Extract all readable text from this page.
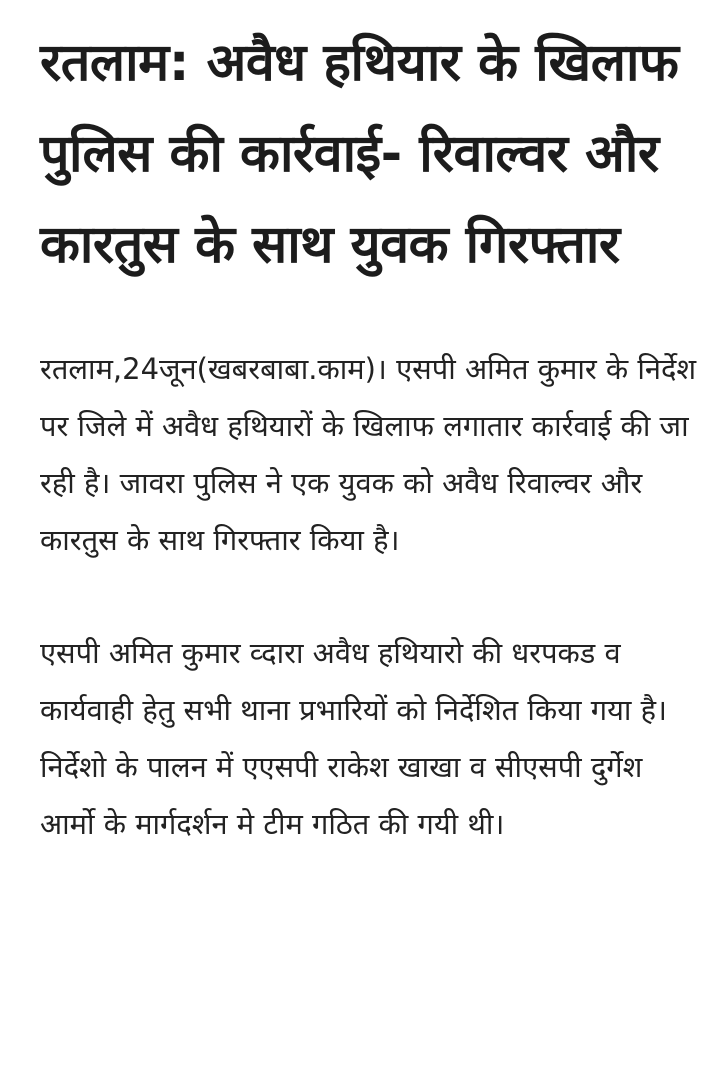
रतलाम: अवैध हथियार के खिलाफ पुलिस की कार्रवाई- रिवाल्वर और कारतुस के साथ युवक गिरफ्तार

रतलाम,24जून(खबरबाबा.काम)। एसपी अमित कुमार के निर्देश पर जिले में अवैध हथियारों के खिलाफ लगातार कार्रवाई की जा रही है। जावरा पुलिस ने एक युवक को अवैध रिवाल्वर और कारतुस के साथ गिरफ्तार किया है।

एसपी अमित कुमार व्दारा अवैध हथियारो की धरपकड व कार्यवाही हेतु सभी थाना प्रभारियों को निर्देशित किया गया है। निर्देशो के पालन में एएसपी राकेश खाखा व सीएसपी दुर्गेश आर्मो के मार्गदर्शन मे टीम गठित की गयी थी।
